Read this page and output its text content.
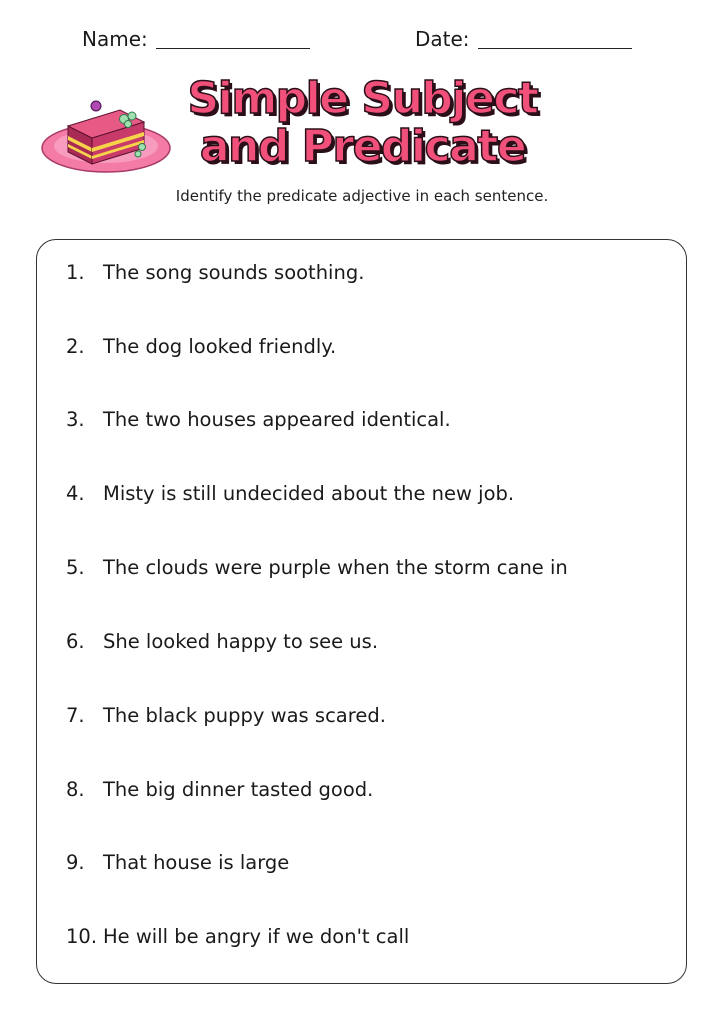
Name:	Date:
Simple Subject
and Predicate
Identify the predicate adjective in each sentence.
1. The song sounds soothing.
2. The dog looked friendly.
3. The two houses appeared identical.
4. Misty is still undecided about the new job.
5. The clouds were purple when the storm cane in
6. She looked happy to see us.
7. The black puppy was scared.
8. The big dinner tasted good.
9. That house is large
10. He will be angry if we don't call
